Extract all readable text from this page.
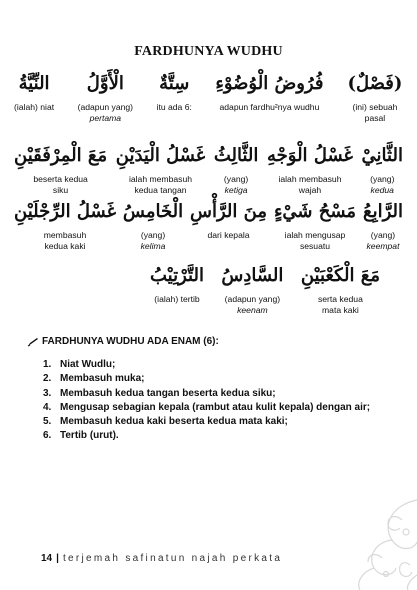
FARDHUNYA WUDHU
(فَصْلٌ)
(ini) sebuah pasal
فُرُوضُ الْوُضُوْءِ
adapun fardhu²nya wudhu
سِتَّةٌ
itu ada 6:
الْأَوَّلُ
(adapun yang)
pertama
النِّيَّةُ
(ialah) niat
الثَّانِيْ
(yang)
kedua
غَسْلُ الْوَجْهِ
ialah membasuh wajah
الثَّالِثُ
(yang)
ketiga
غَسْلُ الْيَدَيْنِ
ialah membasuh kedua tangan
مَعَ الْمِرْفَقَيْنِ
beserta kedua siku
الرَّابِعُ
(yang)
keempat
مَسْحُ شَيْءٍ
ialah mengusap sesuatu
مِنَ الرَّأْسِ
dari kepala
الْخَامِسُ
(yang)
kelima
غَسْلُ الرِّجْلَيْنِ
membasuh kedua kaki
مَعَ الْكَعْبَيْنِ
serta kedua mata kaki
السَّادِسُ
(adapun yang)
keenam
التَّرْتِيْبُ
(ialah) tertib
FARDHUNYA WUDHU ADA ENAM (6):
1. Niat Wudlu;
2. Membasuh muka;
3. Membasuh kedua tangan beserta kedua siku;
4. Mengusap sebagian kepala (rambut atau kulit kepala) dengan air;
5. Membasuh kedua kaki beserta kedua mata kaki;
6. Tertib (urut).
14 | terjemah safinatun najah perkata
